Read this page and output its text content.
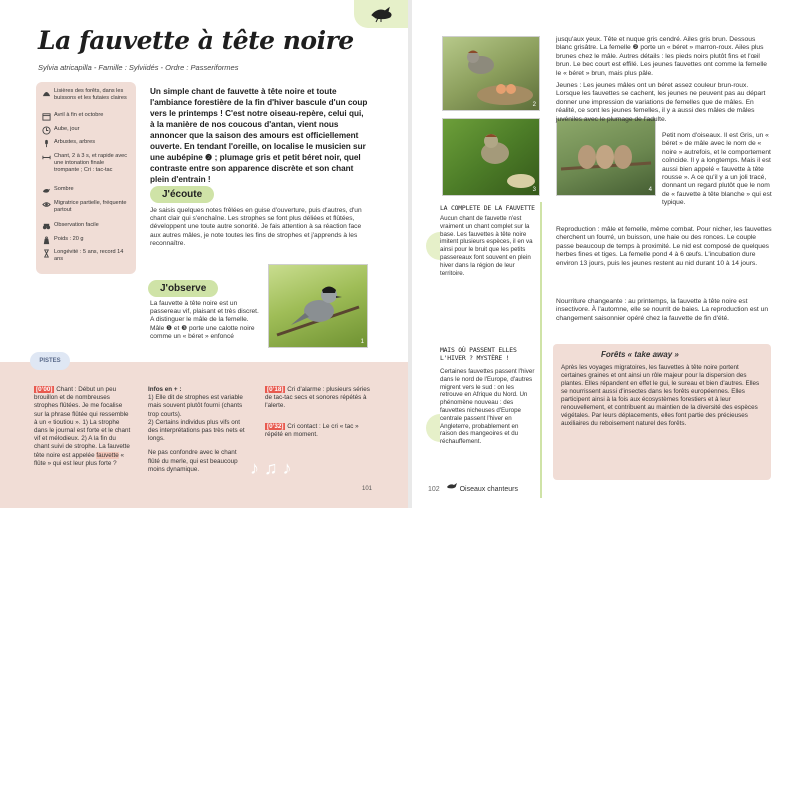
La fauvette à tête noire
Sylvia atricapilla - Famille : Sylviidés - Ordre : Passeriformes
Lisières des forêts, dans les buissons et les futaies claires
Avril à fin et octobre
Aube, jour
Arbustes, arbres
Chant, 2 à 3 s, et rapide avec une intonation finale trompante ; Cri : tac-tac
Sombre
Migratrice partielle, fréquente partout
Observation facile
Poids : 20 g
Longévité : 5 ans, record 14 ans
Un simple chant de fauvette à tête noire et toute l'ambiance forestière de la fin d'hiver bascule d'un coup vers le printemps ! C'est notre oiseau-repère, celui qui, à la manière de nos coucous d'antan, vient nous annoncer que la saison des amours est officiellement ouverte. En tendant l'oreille, on localise le musicien sur une aubépine ❷ ; plumage gris et petit béret noir, quel contraste entre son apparence discrète et son chant plein d'entrain !
J'écoute
Je saisis quelques notes frêlées en guise d'ouverture, puis d'autres, d'un chant clair qui s'enchaîne. Les strophes se font plus déliées et flûtées, développent une toute autre sonorité. Je fais attention à sa réaction face aux autres mâles, je note toutes les fins de strophes et j'apprends à les reconnaître.
J'observe
La fauvette à tête noire est un passereau vif, plaisant et très discret. A distinguer le mâle de la femelle. Mâle ❶ et ❸ porte une calotte noire comme un « béret » enfoncé
1
PISTES
[0’00] Chant : Début un peu brouillon et de nombreuses strophes flûtées. Je me focalise sur la phrase flûtée qui ressemble à un « tioutiou ». 1) La strophe dans le journal est forte et le chant vif et mélodieux. 2) A la fin du chant suivi de strophe. La fauvette tête noire est appelée fauvette « flûte » qui est leur plus forte ?
Infos en + :
1) Elle dit de strophes est variable mais souvent plutôt fourni (chants trop courts).
2) Certains individus plus vifs ont des interprétations pas très nets et longs.
Ne pas confondre avec le chant flûté du merle, qui est beaucoup moins dynamique.
[0’18] Cri d'alarme : plusieurs séries de tac-tac secs et sonores répétés à l'alerte.
[0’32] Cri contact : Le cri « tac » répété en moment.
♪ ♫ ♪
101
2
3	4
jusqu'aux yeux. Tête et nuque gris cendré. Ailes gris brun. Dessous blanc grisâtre. La femelle ❷ porte un « béret » marron-roux. Ailes plus brunes chez le mâle. Autres détails : les pieds noirs plutôt fins et l'œil brun. Le bec court est effilé. Les jeunes fauvettes ont comme la femelle le « béret » brun, mais plus pâle.
Jeunes : Les jeunes mâles ont un béret assez couleur brun-roux. Lorsque les fauvettes se cachent, les jeunes ne peuvent pas au départ donner une impression de variations de femelles que de mâles. En réalité, ce sont les jeunes femelles, il y a aussi des mâles de mâles juvéniles avec le plumage de l'adulte.
Petit nom d'oiseaux. Il est Gris, un « béret » de mâle avec le nom de « noire » autrefois, et le comportement coïncide. Il y a longtemps. Mais il est aussi bien appelé « fauvette à tête rousse ». A ce qu'il y a un joli tracé, donnant un regard plutôt que le nom de « fauvette à tête blanche » qui est typique.
Reproduction : mâle et femelle, même combat. Pour nicher, les fauvettes cherchent un fourré, un buisson, une haie ou des ronces. Le couple passe beaucoup de temps à proximité. Le nid est composé de quelques herbes fines et tiges. La femelle pond 4 à 6 œufs. L'incubation dure environ 13 jours, puis les jeunes restent au nid durant 10 à 14 jours.
Nourriture changeante : au printemps, la fauvette à tête noire est insectivore. À l'automne, elle se nourrit de baies. La reproduction est un changement saisonnier opéré chez la fauvette de fin d'été.
LA COMPLETE DE LA FAUVETTE
Aucun chant de fauvette n'est vraiment un chant complet sur la base. Les fauvettes à tête noire imitent plusieurs espèces, il en va ainsi pour le bruit que les petits passereaux font souvent en plein hiver dans la région de leur territoire.
MAIS OÙ PASSENT ELLES L'HIVER ? MYSTÈRE !
Certaines fauvettes passent l'hiver dans le nord de l'Europe, d'autres migrent vers le sud : on les retrouve en Afrique du Nord. Un phénomène nouveau : des fauvettes nicheuses d'Europe centrale passent l'hiver en Angleterre, probablement en raison des mangeoires et du réchauffement.
Forêts « take away »
Après les voyages migratoires, les fauvettes à tête noire portent certaines graines et ont ainsi un rôle majeur pour la dispersion des plantes. Elles répandent en effet le gui, le sureau et bien d'autres. Elles se nourrissent aussi d'insectes dans les forêts européennes. Elles participent ainsi à la fois aux écosystèmes forestiers et à leur renouvellement, et contribuent au maintien de la diversité des espèces végétales. Par leurs déplacements, elles font partie des précieuses auxiliaires du reboisement naturel des forêts.
102	Oiseaux chanteurs
